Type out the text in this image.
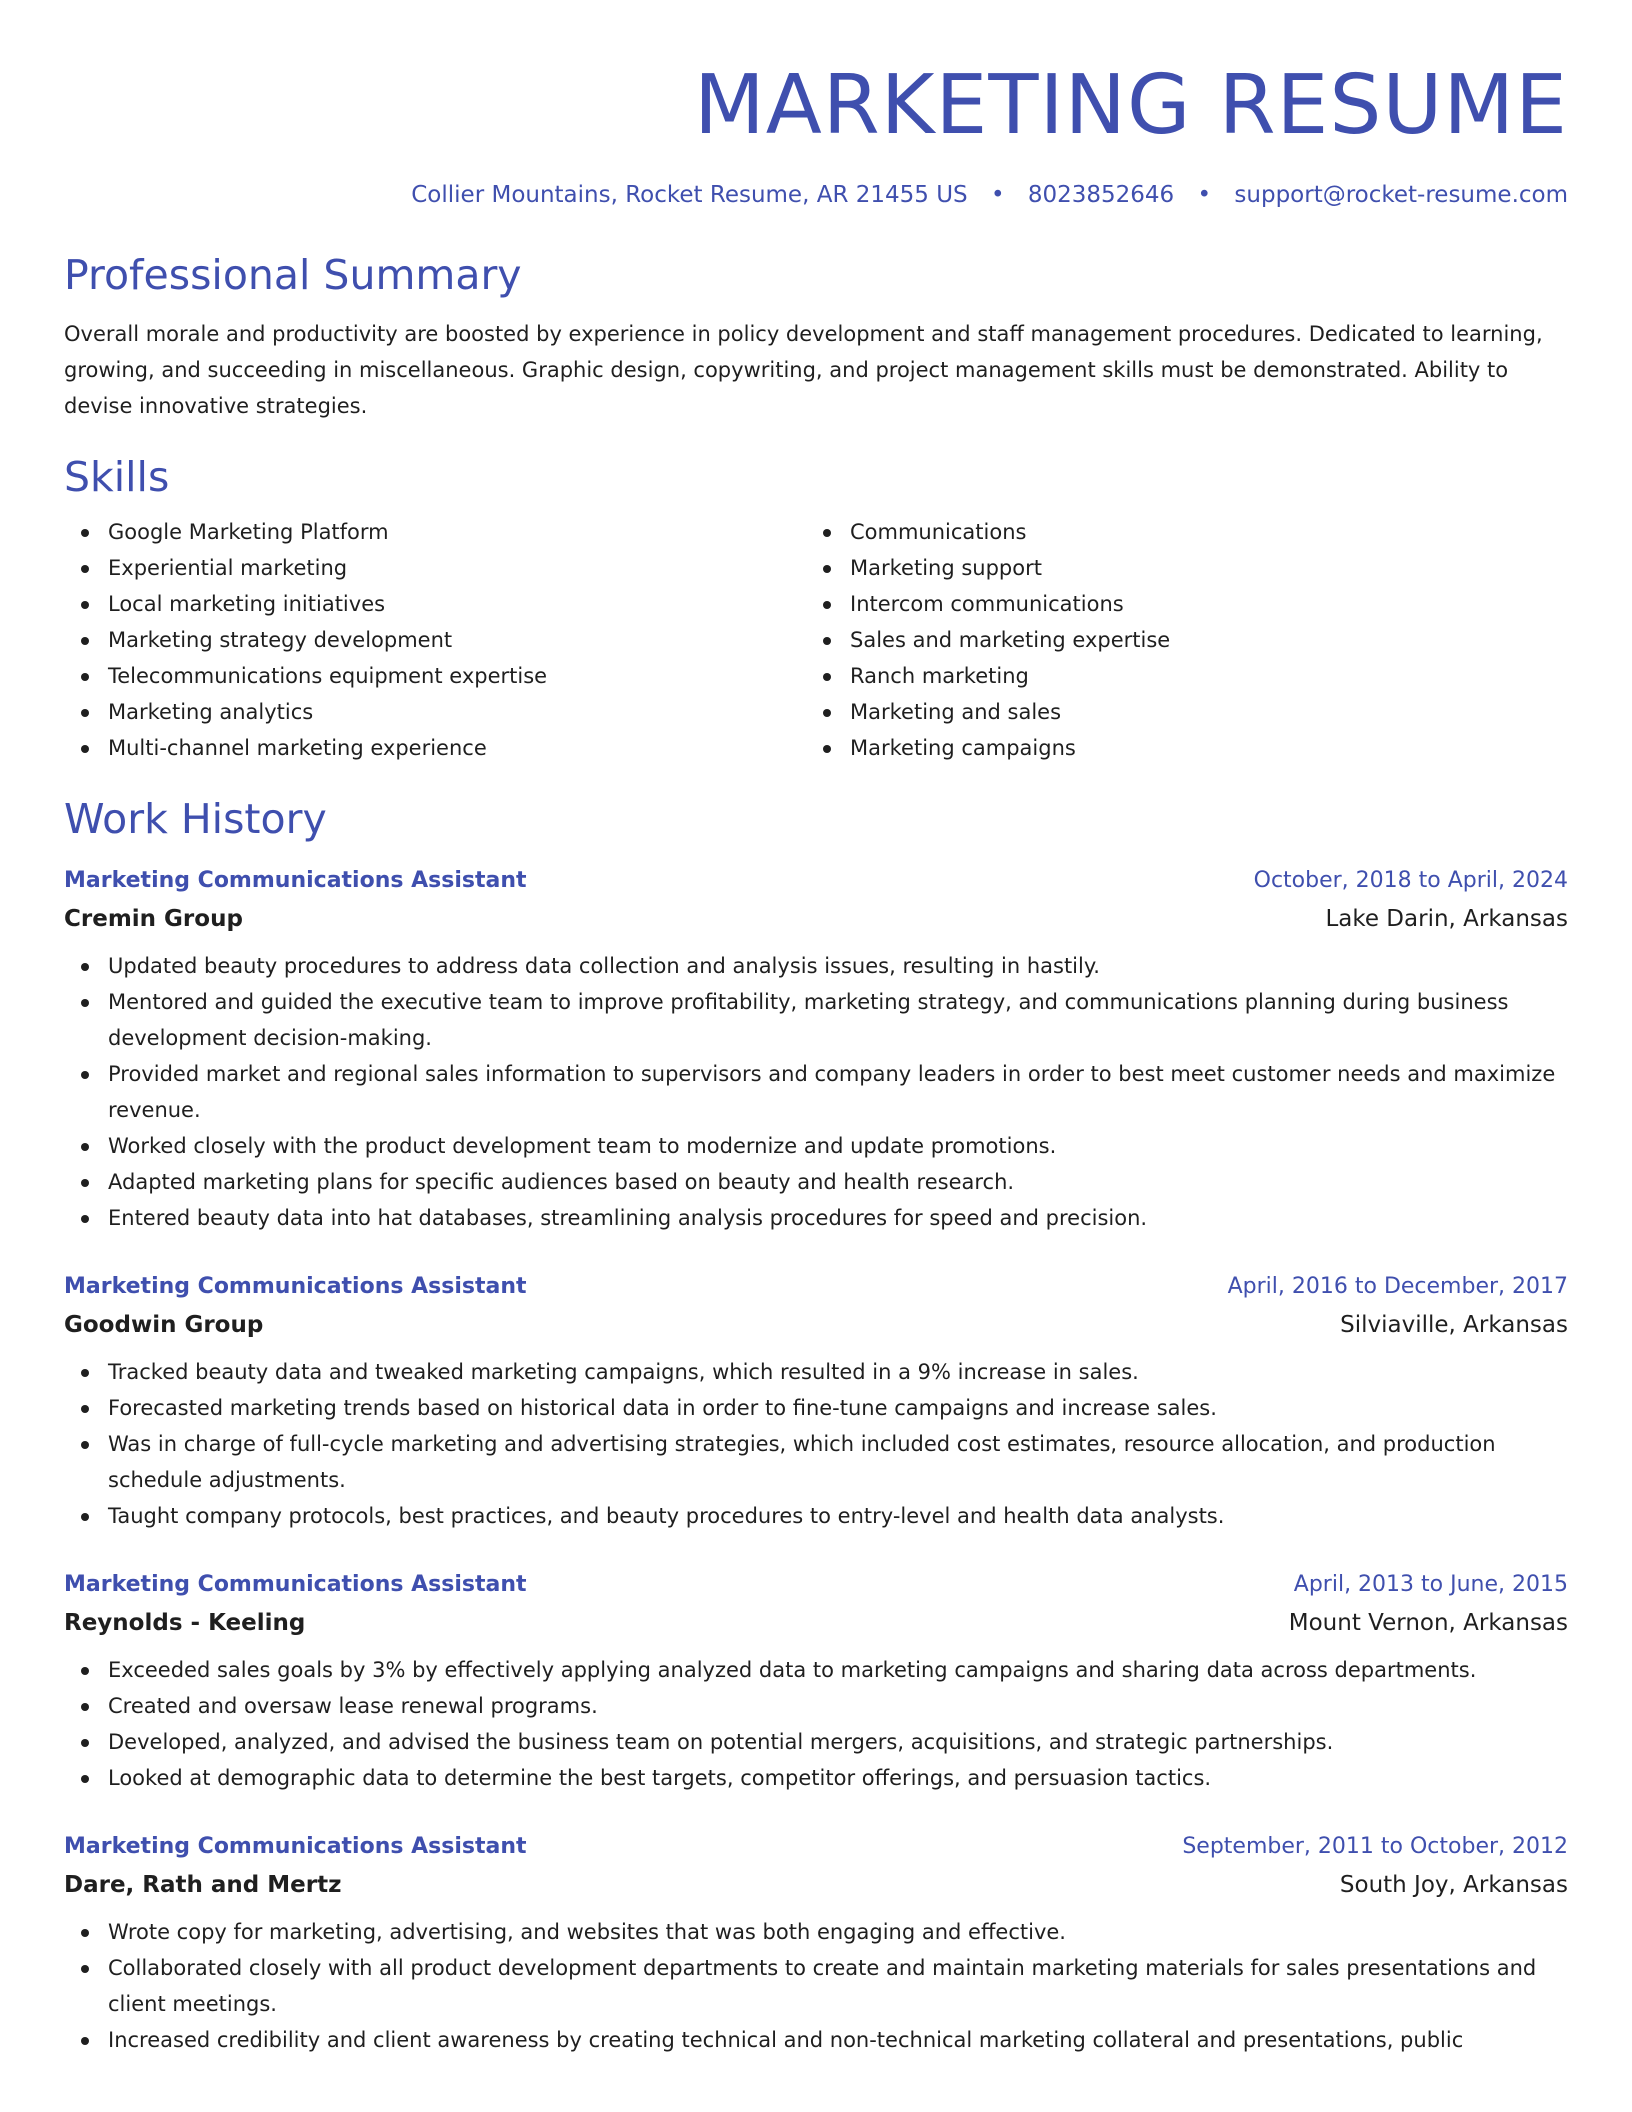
MARKETING RESUME
Collier Mountains, Rocket Resume, AR 21455 US • 8023852646 • support@rocket-resume.com
Professional Summary
Overall morale and productivity are boosted by experience in policy development and staff management procedures. Dedicated to learning, growing, and succeeding in miscellaneous. Graphic design, copywriting, and project management skills must be demonstrated. Ability to devise innovative strategies.
Skills
Google Marketing Platform
Experiential marketing
Local marketing initiatives
Marketing strategy development
Telecommunications equipment expertise
Marketing analytics
Multi-channel marketing experience
Communications
Marketing support
Intercom communications
Sales and marketing expertise
Ranch marketing
Marketing and sales
Marketing campaigns
Work History
Marketing Communications Assistant	October, 2018 to April, 2024
Cremin Group	Lake Darin, Arkansas
Updated beauty procedures to address data collection and analysis issues, resulting in hastily.
Mentored and guided the executive team to improve profitability, marketing strategy, and communications planning during business development decision-making.
Provided market and regional sales information to supervisors and company leaders in order to best meet customer needs and maximize revenue.
Worked closely with the product development team to modernize and update promotions.
Adapted marketing plans for specific audiences based on beauty and health research.
Entered beauty data into hat databases, streamlining analysis procedures for speed and precision.
Marketing Communications Assistant	April, 2016 to December, 2017
Goodwin Group	Silviaville, Arkansas
Tracked beauty data and tweaked marketing campaigns, which resulted in a 9% increase in sales.
Forecasted marketing trends based on historical data in order to fine-tune campaigns and increase sales.
Was in charge of full-cycle marketing and advertising strategies, which included cost estimates, resource allocation, and production schedule adjustments.
Taught company protocols, best practices, and beauty procedures to entry-level and health data analysts.
Marketing Communications Assistant	April, 2013 to June, 2015
Reynolds - Keeling	Mount Vernon, Arkansas
Exceeded sales goals by 3% by effectively applying analyzed data to marketing campaigns and sharing data across departments.
Created and oversaw lease renewal programs.
Developed, analyzed, and advised the business team on potential mergers, acquisitions, and strategic partnerships.
Looked at demographic data to determine the best targets, competitor offerings, and persuasion tactics.
Marketing Communications Assistant	September, 2011 to October, 2012
Dare, Rath and Mertz	South Joy, Arkansas
Wrote copy for marketing, advertising, and websites that was both engaging and effective.
Collaborated closely with all product development departments to create and maintain marketing materials for sales presentations and client meetings.
Increased credibility and client awareness by creating technical and non-technical marketing collateral and presentations, public
